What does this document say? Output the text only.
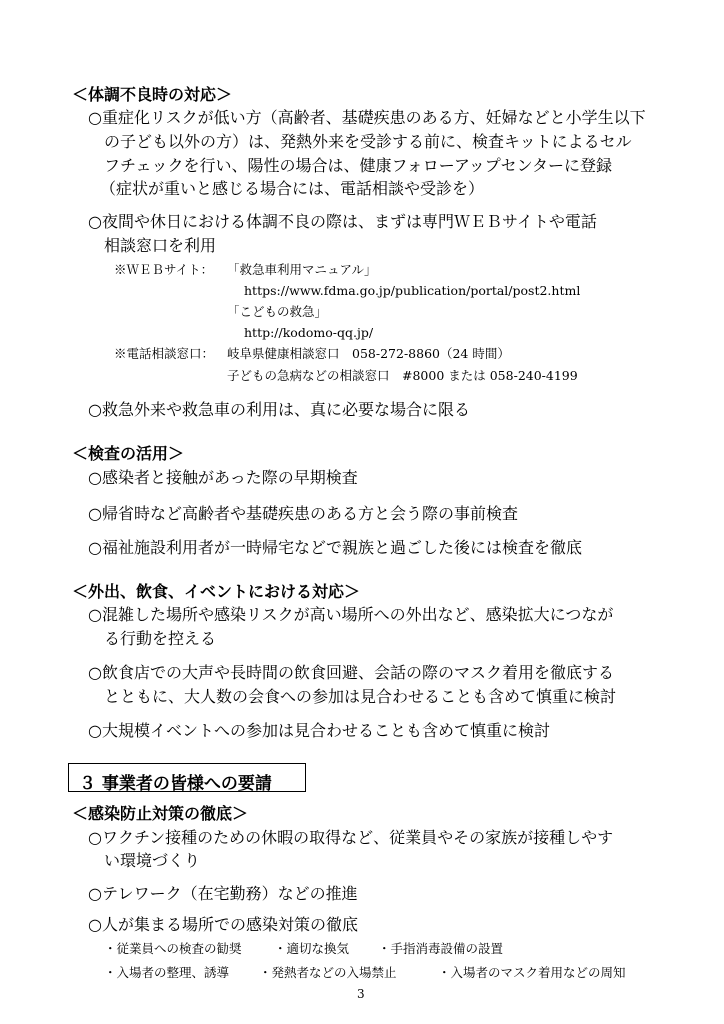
＜体調不良時の対応＞
○重症化リスクが低い方（高齢者、基礎疾患のある方、妊婦などと小学生以下
の子ども以外の方）は、発熱外来を受診する前に、検査キットによるセル
フチェックを行い、陽性の場合は、健康フォローアップセンターに登録
（症状が重いと感じる場合には、電話相談や受診を）
○夜間や休日における体調不良の際は、まずは専門ＷＥＢサイトや電話
相談窓口を利用
※ＷＥＢサイト： 「救急車利用マニュアル」
https://www.fdma.go.jp/publication/portal/post2.html
「こどもの救急」
http://kodomo-qq.jp/
※電話相談窓口： 岐阜県健康相談窓口　058-272-8860（24 時間）
子どもの急病などの相談窓口　#8000 または 058-240-4199
○救急外来や救急車の利用は、真に必要な場合に限る
＜検査の活用＞
○感染者と接触があった際の早期検査
○帰省時など高齢者や基礎疾患のある方と会う際の事前検査
○福祉施設利用者が一時帰宅などで親族と過ごした後には検査を徹底
＜外出、飲食、イベントにおける対応＞
○混雑した場所や感染リスクが高い場所への外出など、感染拡大につなが
る行動を控える
○飲食店での大声や長時間の飲食回避、会話の際のマスク着用を徹底する
とともに、大人数の会食への参加は見合わせることも含めて慎重に検討
○大規模イベントへの参加は見合わせることも含めて慎重に検討
３ 事業者の皆様への要請
＜感染防止対策の徹底＞
○ワクチン接種のための休暇の取得など、従業員やその家族が接種しやす
い環境づくり
○テレワーク（在宅勤務）などの推進
○人が集まる場所での感染対策の徹底
・従業員への検査の勧奨	・適切な換気 ・手指消毒設備の設置
・入場者の整理、誘導 ・発熱者などの入場禁止	・入場者のマスク着用などの周知
3
